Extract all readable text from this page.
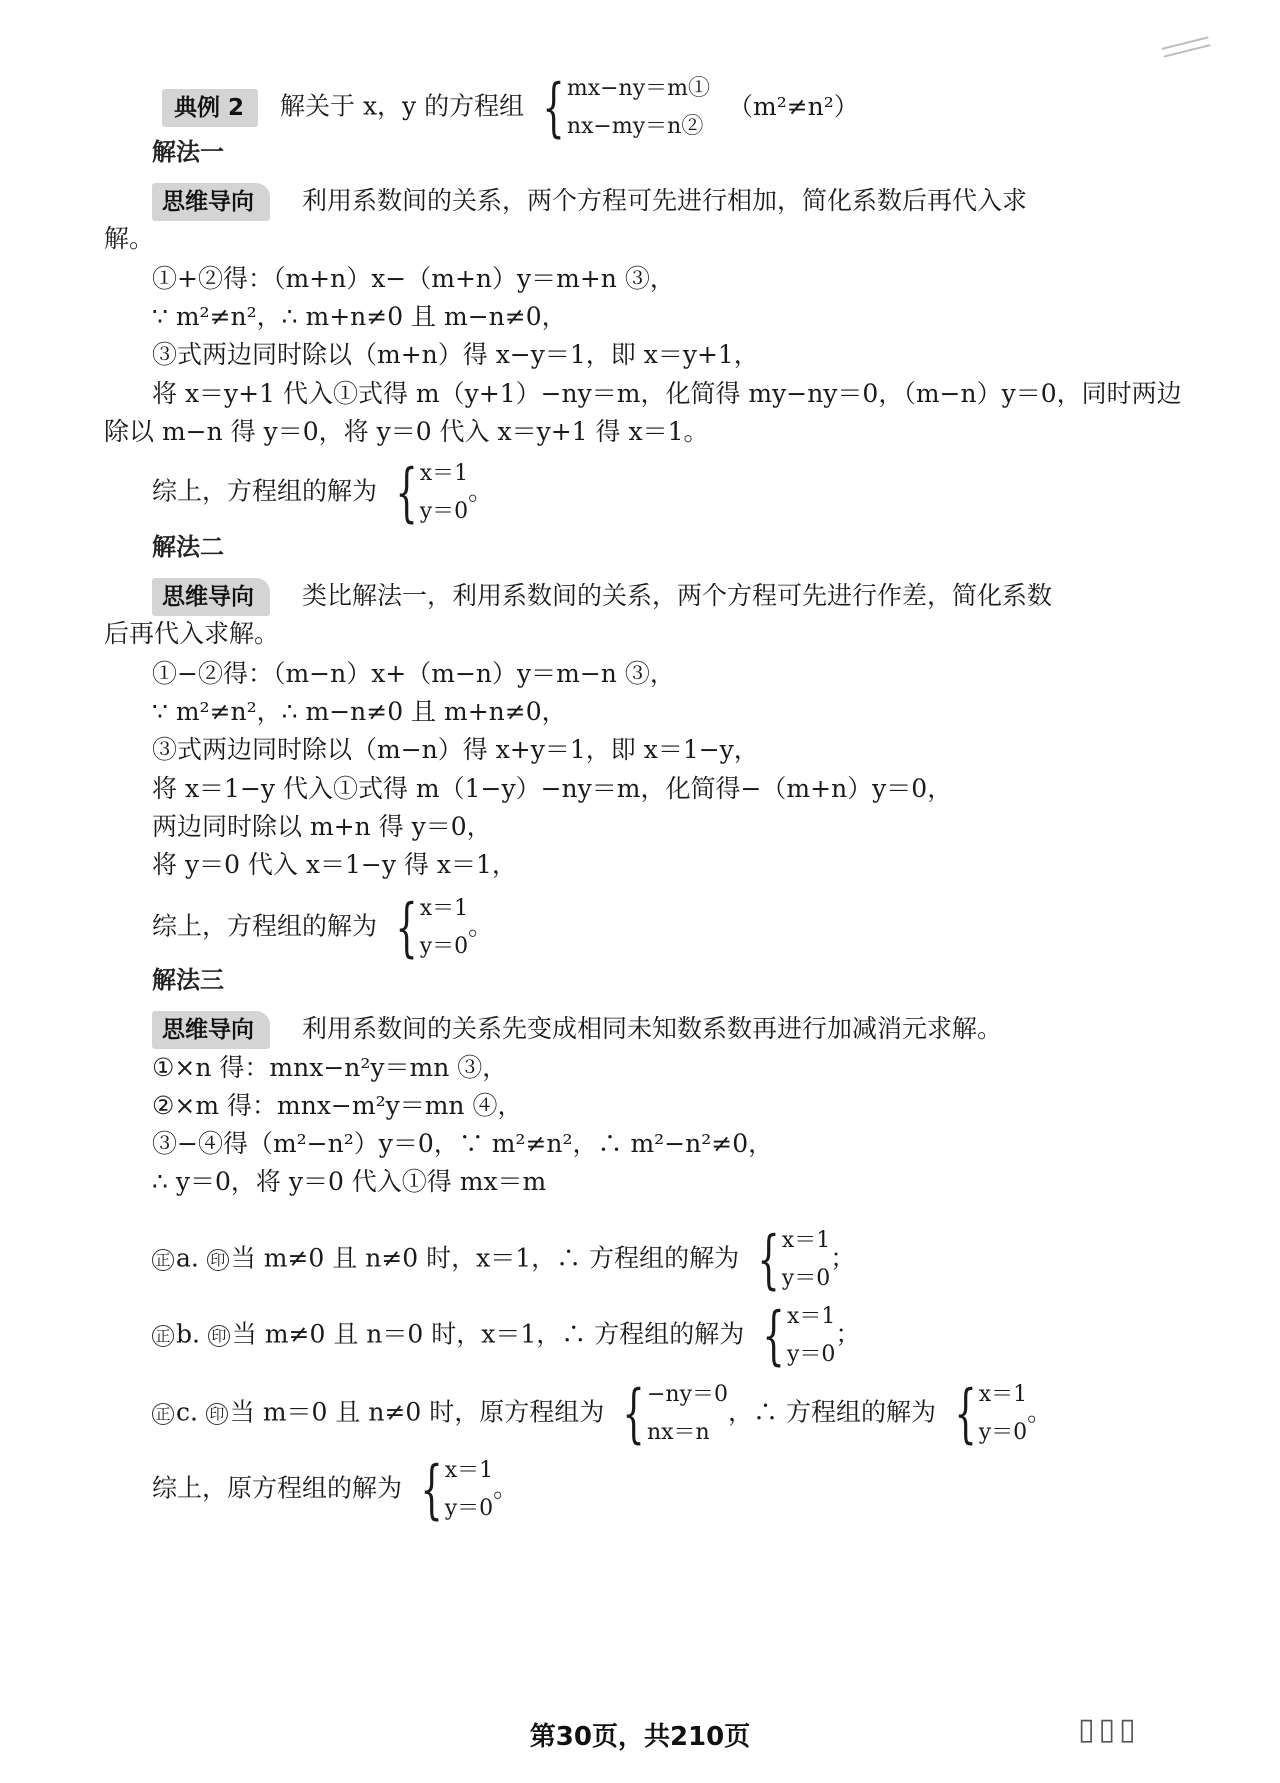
典例 2 解关于 x，y 的方程组 { mx−ny＝m①
nx−my＝n②
（m²≠n²）
解法一
思维导向 利用系数间的关系，两个方程可先进行相加，简化系数后再代入求
解。
①+②得：（m+n）x−（m+n）y＝m+n ③，
∵ m²≠n²，∴ m+n≠0 且 m−n≠0，
③式两边同时除以（m+n）得 x−y＝1，即 x＝y+1，
将 x＝y+1 代入①式得 m（y+1）−ny＝m，化简得 my−ny＝0，（m−n）y＝0，同时两边
除以 m−n 得 y＝0，将 y＝0 代入 x＝y+1 得 x＝1。
综上，方程组的解为 { x＝1
y＝0
。
解法二
思维导向 类比解法一，利用系数间的关系，两个方程可先进行作差，简化系数
后再代入求解。
①−②得：（m−n）x+（m−n）y＝m−n ③，
∵ m²≠n²，∴ m−n≠0 且 m+n≠0，
③式两边同时除以（m−n）得 x+y＝1，即 x＝1−y，
将 x＝1−y 代入①式得 m（1−y）−ny＝m，化简得−（m+n）y＝0，
两边同时除以 m+n 得 y＝0，
将 y＝0 代入 x＝1−y 得 x＝1，
综上，方程组的解为 { x＝1
y＝0
。
解法三
思维导向 利用系数间的关系先变成相同未知数系数再进行加减消元求解。
①×n 得：mnx−n²y＝mn ③，
②×m 得：mnx−m²y＝mn ④，
③−④得（m²−n²）y＝0，∵ m²≠n²，∴ m²−n²≠0，
∴ y＝0，将 y＝0 代入①得 mx＝m
正 a. 印 当 m≠0 且 n≠0 时，x＝1，∴ 方程组的解为 { x＝1
y＝0
；
正 b. 印 当 m≠0 且 n＝0 时，x＝1，∴ 方程组的解为 { x＝1
y＝0
；
正 c. 印 当 m＝0 且 n≠0 时，原方程组为 { −ny＝0
nx＝n
，∴ 方程组的解为 { x＝1
y＝0
。
综上，原方程组的解为 { x＝1
y＝0
。
第30页，共210页	▯▯▯
